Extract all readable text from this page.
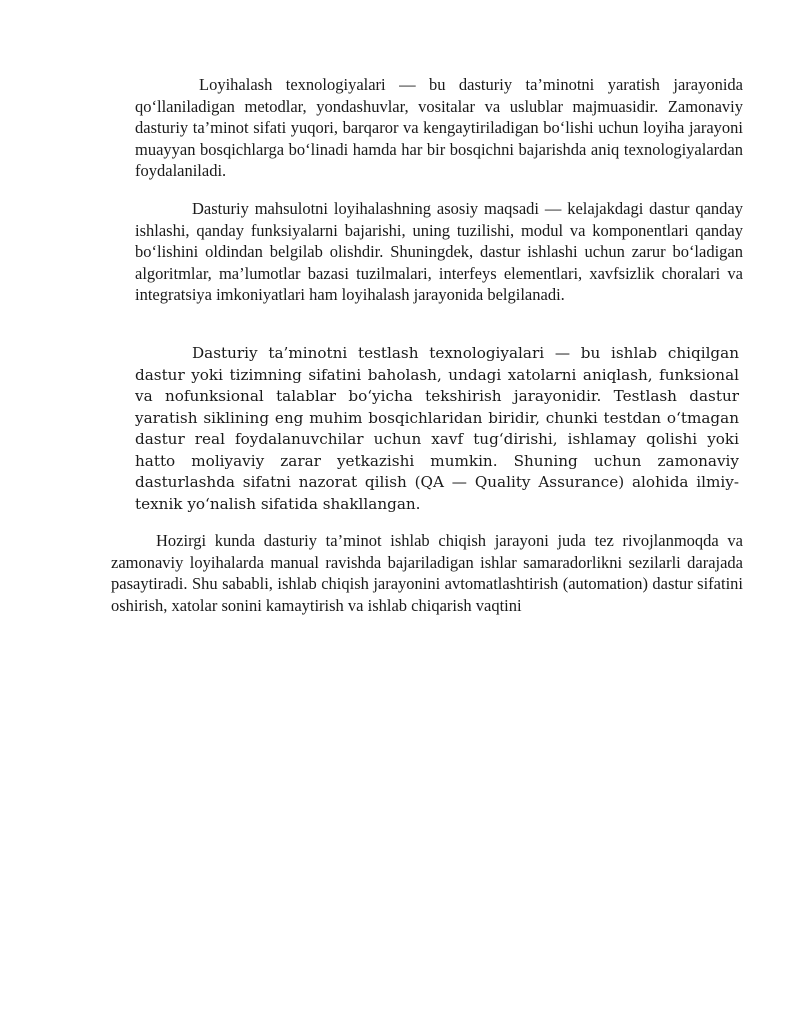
Loyihalash texnologiyalari — bu dasturiy ta’minotni yaratish jarayonida qo‘llaniladigan metodlar, yondashuvlar, vositalar va uslublar majmuasidir. Zamonaviy dasturiy ta’minot sifati yuqori, barqaror va kengaytiriladigan bo‘lishi uchun loyiha jarayoni muayyan bosqichlarga bo‘linadi hamda har bir bosqichni bajarishda aniq texnologiyalardan foydalaniladi.

Dasturiy mahsulotni loyihalashning asosiy maqsadi — kelajakdagi dastur qanday ishlashi, qanday funksiyalarni bajarishi, uning tuzilishi, modul va komponentlari qanday bo‘lishini oldindan belgilab olishdir. Shuningdek, dastur ishlashi uchun zarur bo‘ladigan algoritmlar, ma’lumotlar bazasi tuzilmalari, interfeys elementlari, xavfsizlik choralari va integratsiya imkoniyatlari ham loyihalash jarayonida belgilanadi.

Dasturiy ta’minotni testlash texnologiyalari — bu ishlab chiqilgan dastur yoki tizimning sifatini baholash, undagi xatolarni aniqlash, funksional va nofunksional talablar bo‘yicha tekshirish jarayonidir. Testlash dastur yaratish siklining eng muhim bosqichlaridan biridir, chunki testdan o‘tmagan dastur real foydalanuvchilar uchun xavf tug‘dirishi, ishlamay qolishi yoki hatto moliyaviy zarar yetkazishi mumkin. Shuning uchun zamonaviy dasturlashda sifatni nazorat qilish (QA — Quality Assurance) alohida ilmiy-texnik yo‘nalish sifatida shakllangan.

Hozirgi kunda dasturiy ta’minot ishlab chiqish jarayoni juda tez rivojlanmoqda va zamonaviy loyihalarda manual ravishda bajariladigan ishlar samaradorlikni sezilarli darajada pasaytiradi. Shu sababli, ishlab chiqish jarayonini avtomatlashtirish (automation) dastur sifatini oshirish, xatolar sonini kamaytirish va ishlab chiqarish vaqtini
